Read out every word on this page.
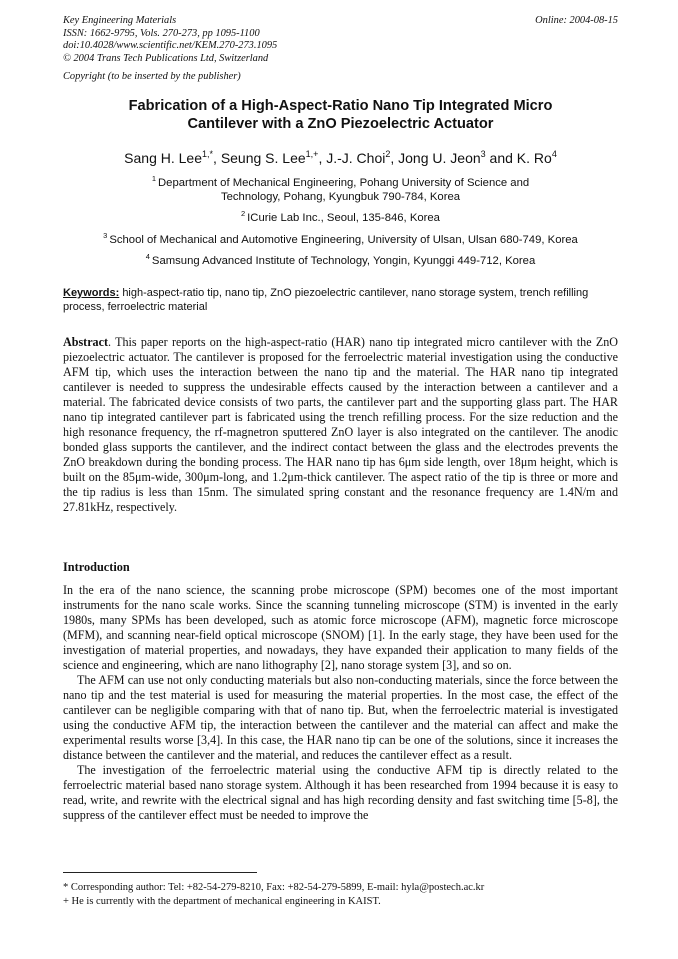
Key Engineering Materials
ISSN: 1662-9795, Vols. 270-273, pp 1095-1100
doi:10.4028/www.scientific.net/KEM.270-273.1095
© 2004 Trans Tech Publications Ltd, Switzerland
Online: 2004-08-15
Copyright (to be inserted by the publisher)
Fabrication of a High-Aspect-Ratio Nano Tip Integrated Micro
Cantilever with a ZnO Piezoelectric Actuator
Sang H. Lee$^{1,*}$, Seung S. Lee$^{1,+}$, J.-J. Choi$^2$, Jong U. Jeon$^3$ and K. Ro$^4$
$^1$ Department of Mechanical Engineering, Pohang University of Science and
Technology, Pohang, Kyungbuk 790-784, Korea
$^2$ ICurie Lab Inc., Seoul, 135-846, Korea
$^3$ School of Mechanical and Automotive Engineering, University of Ulsan, Ulsan 680-749, Korea
$^4$ Samsung Advanced Institute of Technology, Yongin, Kyunggi 449-712, Korea
Keywords: high-aspect-ratio tip, nano tip, ZnO piezoelectric cantilever, nano storage system, trench refilling process, ferroelectric material

Abstract. This paper reports on the high-aspect-ratio (HAR) nano tip integrated micro cantilever with the ZnO piezoelectric actuator. The cantilever is proposed for the ferroelectric material investigation using the conductive AFM tip, which uses the interaction between the nano tip and the material. The HAR nano tip integrated cantilever is needed to suppress the undesirable effects caused by the interaction between a cantilever and a material. The fabricated device consists of two parts, the cantilever part and the supporting glass part. The HAR nano tip integrated cantilever part is fabricated using the trench refilling process. For the size reduction and the high resonance frequency, the rf-magnetron sputtered ZnO layer is also integrated on the cantilever. The anodic bonded glass supports the cantilever, and the indirect contact between the glass and the electrodes prevents the ZnO breakdown during the bonding process. The HAR nano tip has 6μm side length, over 18μm height, which is built on the 85μm-wide, 300μm-long, and 1.2μm-thick cantilever. The aspect ratio of the tip is three or more and the tip radius is less than 15nm. The simulated spring constant and the resonance frequency are 1.4N/m and 27.81kHz, respectively.

Introduction

In the era of the nano science, the scanning probe microscope (SPM) becomes one of the most important instruments for the nano scale works. Since the scanning tunneling microscope (STM) is invented in the early 1980s, many SPMs has been developed, such as atomic force microscope (AFM), magnetic force microscope (MFM), and scanning near-field optical microscope (SNOM) [1]. In the early stage, they have been used for the investigation of material properties, and nowadays, they have expanded their application to many fields of the science and engineering, which are nano lithography [2], nano storage system [3], and so on.

The AFM can use not only conducting materials but also non-conducting materials, since the force between the nano tip and the test material is used for measuring the material properties. In the most case, the effect of the cantilever can be negligible comparing with that of nano tip. But, when the ferroelectric material is investigated using the conductive AFM tip, the interaction between the cantilever and the material can affect and make the experimental results worse [3,4]. In this case, the HAR nano tip can be one of the solutions, since it increases the distance between the cantilever and the material, and reduces the cantilever effect as a result.

The investigation of the ferroelectric material using the conductive AFM tip is directly related to the ferroelectric material based nano storage system. Although it has been researched from 1994 because it is easy to read, write, and rewrite with the electrical signal and has high recording density and fast switching time [5-8], the suppress of the cantilever effect must be needed to improve the

* Corresponding author: Tel: +82-54-279-8210, Fax: +82-54-279-5899, E-mail: hyla@postech.ac.kr
+ He is currently with the department of mechanical engineering in KAIST.
